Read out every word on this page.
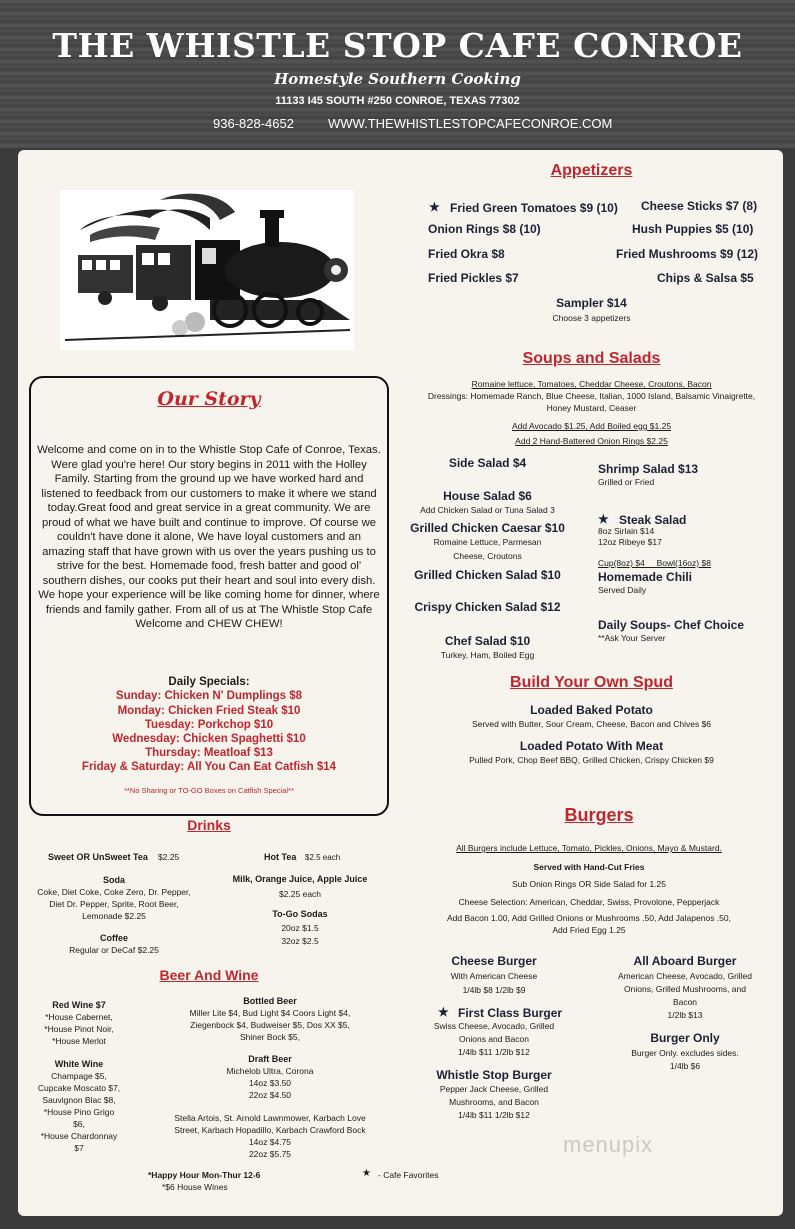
THE WHISTLE STOP CAFE CONROE
Homestyle Southern Cooking
11133 I45 SOUTH #250 CONROE, TEXAS 77302
936-828-4652	WWW.THEWHISTLESTOPCAFECONROE.COM
Our Story
Welcome and come on in to the Whistle Stop Cafe of Conroe, Texas. Were glad you're here! Our story begins in 2011 with the Holley Family. Starting from the ground up we have worked hard and listened to feedback from our customers to make it where we stand today.Great food and great service in a great community. We are proud of what we have built and continue to improve. Of course we couldn't have done it alone, We have loyal customers and an amazing staff that have grown with us over the years pushing us to strive for the best. Homemade food, fresh batter and good ol' southern dishes, our cooks put their heart and soul into every dish. We hope your experience will be like coming home for dinner, where friends and family gather. From all of us at The Whistle Stop Cafe Welcome and CHEW CHEW!
Daily Specials:
Sunday: Chicken N' Dumplings $8
Monday: Chicken Fried Steak $10
Tuesday: Porkchop $10
Wednesday: Chicken Spaghetti $10
Thursday: Meatloaf $13
Friday & Saturday: All You Can Eat Catfish $14
**No Sharing or TO-GO Boxes on Catfish Special**
Appetizers
★ Fried Green Tomatoes $9 (10) Cheese Sticks $7 (8)
Onion Rings $8 (10)	Hush Puppies $5 (10)
Fried Okra $8	Fried Mushrooms $9 (12)
Fried Pickles $7	Chips & Salsa $5
Sampler $14
Choose 3 appetizers
Soups and Salads
Romaine lettuce, Tomatoes, Cheddar Cheese, Croutons, Bacon
Dressings: Homemade Ranch, Blue Cheese, Italian, 1000 Island, Balsamic Vinaigrette,
Honey Mustard, Ceaser
Add Avocado $1.25, Add Boiled egg $1.25
Add 2 Hand-Battered Onion Rings $2.25
Side Salad $4
House Salad $6
Add Chicken Salad or Tuna Salad 3
Grilled Chicken Caesar $10
Romaine Lettuce, Parmesan
Cheese, Croutons
Grilled Chicken Salad $10
Crispy Chicken Salad $12
Chef Salad $10
Turkey, Ham, Boiled Egg
Shrimp Salad $13
Grilled or Fried
★ Steak Salad
8oz Sirlain $14
12oz Ribeye $17
Cup(8oz) $4     Bowl(16oz) $8
Homemade Chili
Served Daily
Daily Soups- Chef Choice
**Ask Your Server
Build Your Own Spud
Loaded Baked Potato
Served with Butter, Sour Cream, Cheese, Bacon and Chives $6
Loaded Potato With Meat
Pulled Pork, Chop Beef BBQ, Grilled Chicken, Crispy Chicken $9
Burgers
All Burgers include Lettuce, Tomato, Pickles, Onions, Mayo & Mustard.
Served with Hand-Cut Fries
Sub Onion Rings OR Side Salad for 1.25
Cheese Selection: American, Cheddar, Swiss, Provolone, Pepperjack
Add Bacon 1.00, Add Grilled Onions or Mushrooms .50, Add Jalapenos .50,
Add Fried Egg 1.25
Cheese Burger
With American Cheese
1/4lb $8 1/2lb $9
★ First Class Burger
Swiss Cheese, Avocado, Grilled
Onions and Bacon
1/4lb $11 1/2lb $12
Whistle Stop Burger
Pepper Jack Cheese, Grilled
Mushrooms, and Bacon
1/4lb $11 1/2lb $12
All Aboard Burger
American Cheese, Avocado, Grilled
Onions, Grilled Mushrooms, and
Bacon
1/2lb $13
Burger Only
Burger Only. excludes sides.
1/4lb $6
Drinks
Sweet OR UnSweet Tea $2.25	Hot Tea $2.5 each
Soda
Coke, Diet Coke, Coke Zero, Dr. Pepper,
Diet Dr. Pepper, Sprite, Root Beer,
Lemonade $2.25
Milk, Orange Juice, Apple Juice
$2.25 each
To-Go Sodas
20oz $1.5
32oz $2.5
Coffee
Regular or DeCaf $2.25
Beer And Wine
Red Wine $7
*House Cabernet,
*House Pinot Noir,
*House Merlot
White Wine
Champage $5,
Cupcake Moscato $7,
Sauvignon Blac $8,
*House Pino Grigo
$6,
*House Chardonnay
$7
Bottled Beer
Miller Lite $4, Bud Light $4 Coors Light $4,
Ziegenbock $4, Budweiser $5, Dos XX $5,
Shiner Bock $5,
Draft Beer
Michelob Ultra, Corona
14oz $3.50
22oz $4.50
Stella Artois, St. Arnold Lawnmower, Karbach Love
Street, Karbach Hopadillo, Karbach Crawford Bock
14oz $4.75
22oz $5.75
*Happy Hour Mon-Thur 12-6
*$6 House Wines
★ - Cafe Favorites
menupix
